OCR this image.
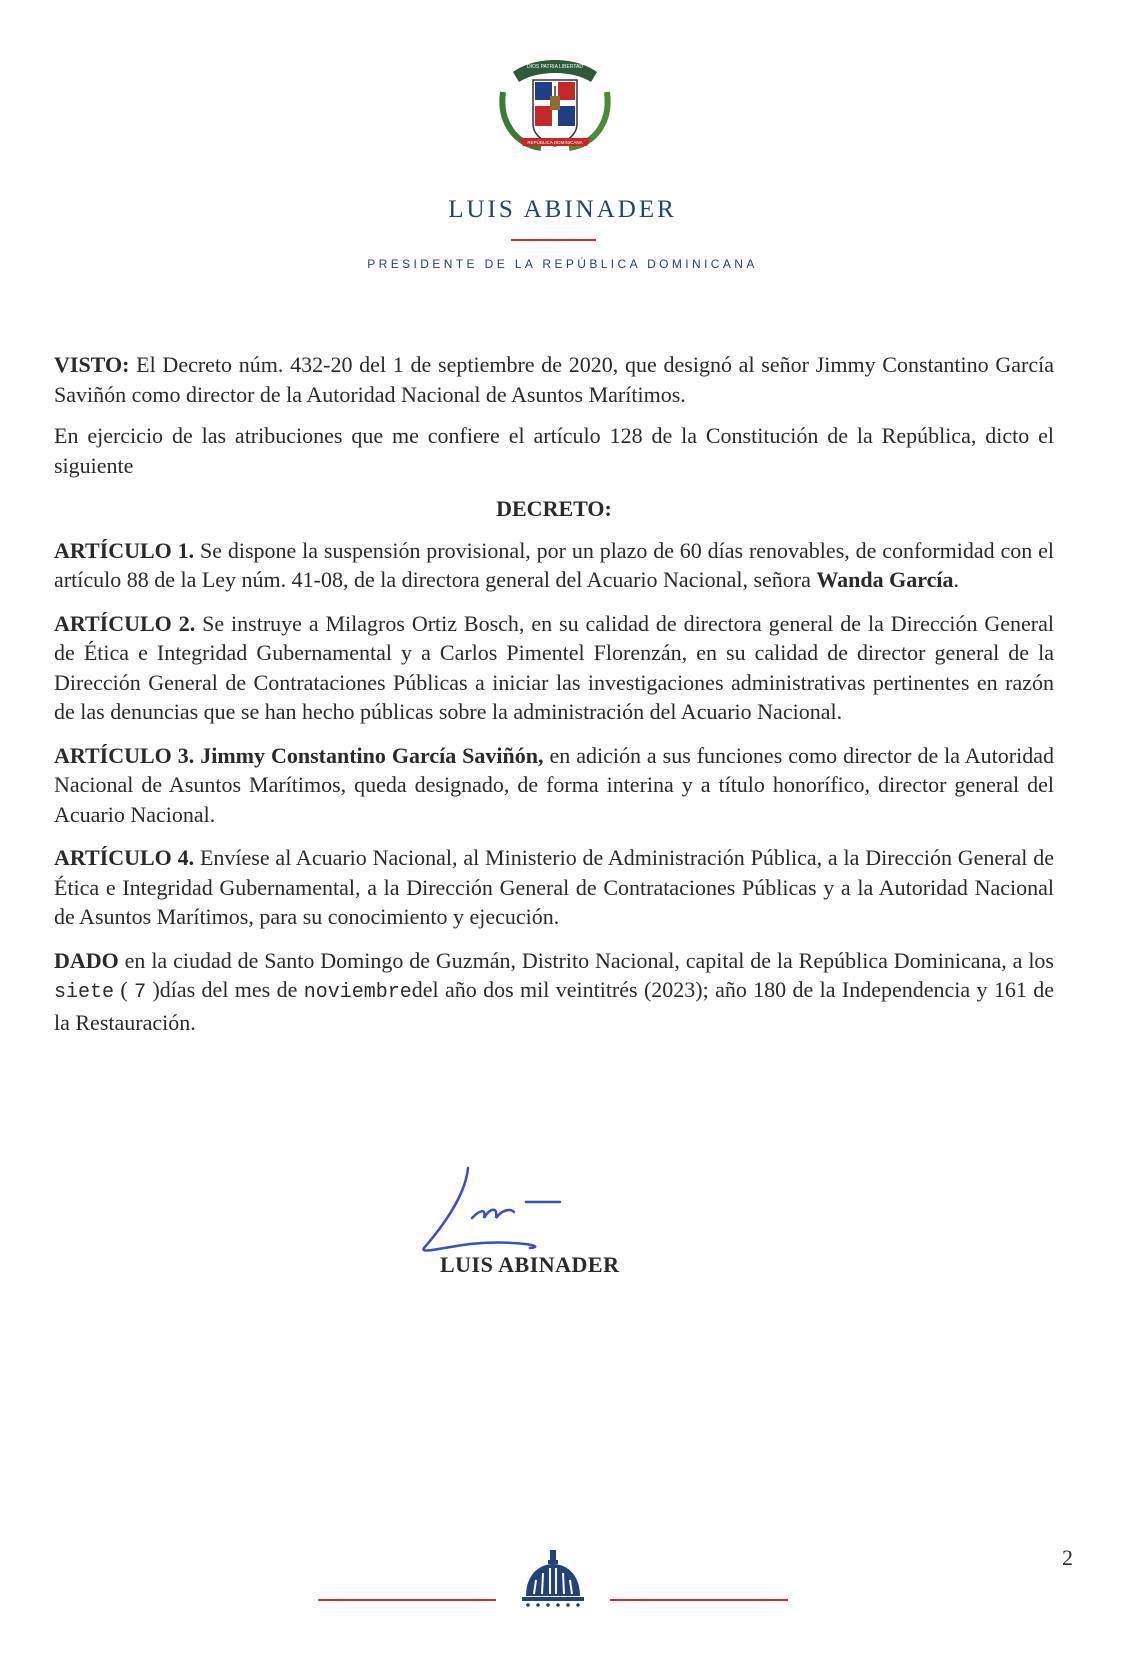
DIOS PATRIA LIBERTAD
REPÚBLICA DOMINICANA
LUIS ABINADER
PRESIDENTE DE LA REPÚBLICA DOMINICANA

VISTO: El Decreto núm. 432-20 del 1 de septiembre de 2020, que designó al señor Jimmy Constantino García Saviñón como director de la Autoridad Nacional de Asuntos Marítimos.

En ejercicio de las atribuciones que me confiere el artículo 128 de la Constitución de la República, dicto el siguiente

DECRETO:

ARTÍCULO 1. Se dispone la suspensión provisional, por un plazo de 60 días renovables, de conformidad con el artículo 88 de la Ley núm. 41-08, de la directora general del Acuario Nacional, señora Wanda García.

ARTÍCULO 2. Se instruye a Milagros Ortiz Bosch, en su calidad de directora general de la Dirección General de Ética e Integridad Gubernamental y a Carlos Pimentel Florenzán, en su calidad de director general de la Dirección General de Contrataciones Públicas a iniciar las investigaciones administrativas pertinentes en razón de las denuncias que se han hecho públicas sobre la administración del Acuario Nacional.

ARTÍCULO 3. Jimmy Constantino García Saviñón, en adición a sus funciones como director de la Autoridad Nacional de Asuntos Marítimos, queda designado, de forma interina y a título honorífico, director general del Acuario Nacional.

ARTÍCULO 4. Envíese al Acuario Nacional, al Ministerio de Administración Pública, a la Dirección General de Ética e Integridad Gubernamental, a la Dirección General de Contrataciones Públicas y a la Autoridad Nacional de Asuntos Marítimos, para su conocimiento y ejecución.

DADO en la ciudad de Santo Domingo de Guzmán, Distrito Nacional, capital de la República Dominicana, a los siete ( 7 )días del mes de noviembredel año dos mil veintitrés (2023); año 180 de la Independencia y 161 de la Restauración.

LUIS ABINADER
2
